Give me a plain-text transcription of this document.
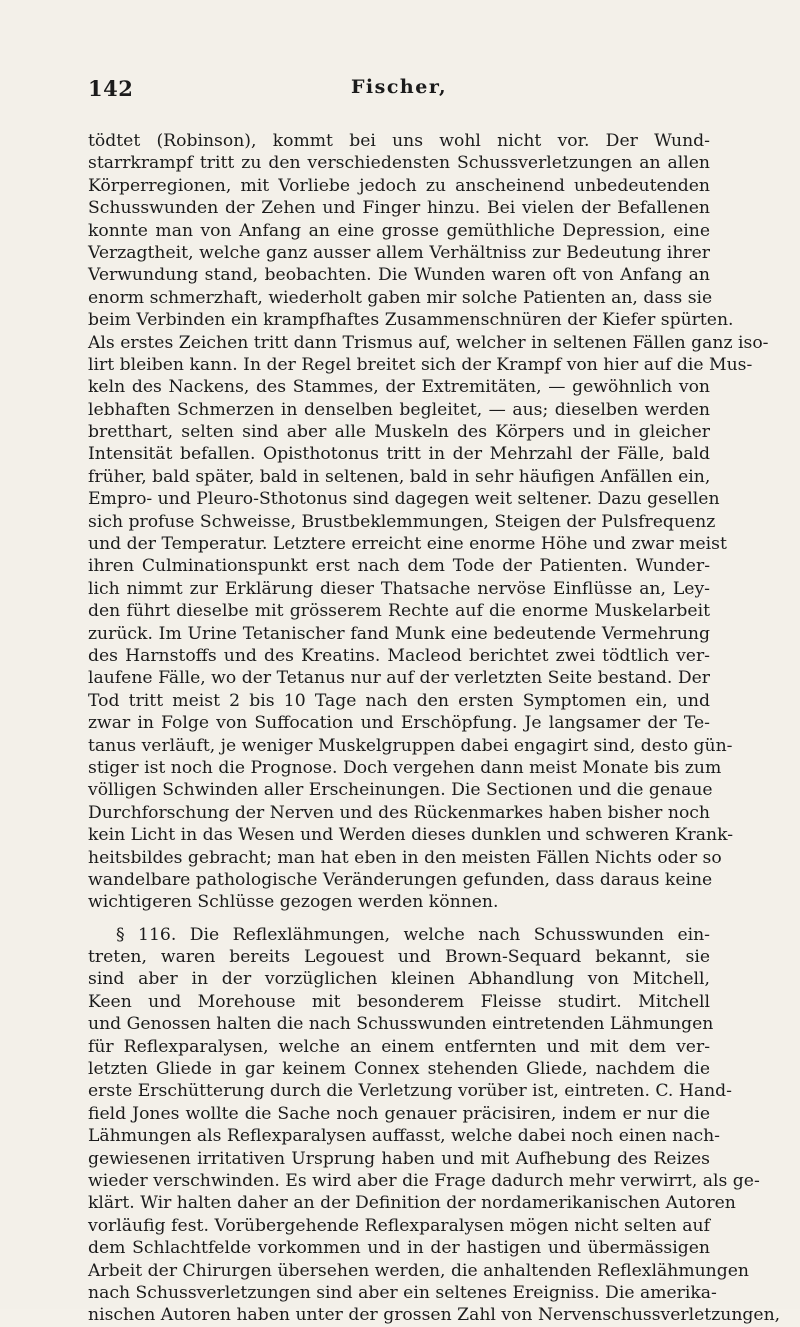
142	Fischer,
tödtet (Robinson), kommt bei uns wohl nicht vor. Der Wund-
starrkrampf tritt zu den verschiedensten Schussverletzungen an allen
Körperregionen, mit Vorliebe jedoch zu anscheinend unbedeutenden
Schusswunden der Zehen und Finger hinzu. Bei vielen der Befallenen
konnte man von Anfang an eine grosse gemüthliche Depression, eine
Verzagtheit, welche ganz ausser allem Verhältniss zur Bedeutung ihrer
Verwundung stand, beobachten. Die Wunden waren oft von Anfang an
enorm schmerzhaft, wiederholt gaben mir solche Patienten an, dass sie
beim Verbinden ein krampfhaftes Zusammenschnüren der Kiefer spürten.
Als erstes Zeichen tritt dann Trismus auf, welcher in seltenen Fällen ganz iso-
lirt bleiben kann. In der Regel breitet sich der Krampf von hier auf die Mus-
keln des Nackens, des Stammes, der Extremitäten, — gewöhnlich von
lebhaften Schmerzen in denselben begleitet, — aus; dieselben werden
bretthart, selten sind aber alle Muskeln des Körpers und in gleicher
Intensität befallen. Opisthotonus tritt in der Mehrzahl der Fälle, bald
früher, bald später, bald in seltenen, bald in sehr häufigen Anfällen ein,
Empro- und Pleuro-Sthotonus sind dagegen weit seltener. Dazu gesellen
sich profuse Schweisse, Brustbeklemmungen, Steigen der Pulsfrequenz
und der Temperatur. Letztere erreicht eine enorme Höhe und zwar meist
ihren Culminationspunkt erst nach dem Tode der Patienten. Wunder-
lich nimmt zur Erklärung dieser Thatsache nervöse Einflüsse an, Ley-
den führt dieselbe mit grösserem Rechte auf die enorme Muskelarbeit
zurück. Im Urine Tetanischer fand Munk eine bedeutende Vermehrung
des Harnstoffs und des Kreatins. Macleod berichtet zwei tödtlich ver-
laufene Fälle, wo der Tetanus nur auf der verletzten Seite bestand. Der
Tod tritt meist 2 bis 10 Tage nach den ersten Symptomen ein, und
zwar in Folge von Suffocation und Erschöpfung. Je langsamer der Te-
tanus verläuft, je weniger Muskelgruppen dabei engagirt sind, desto gün-
stiger ist noch die Prognose. Doch vergehen dann meist Monate bis zum
völligen Schwinden aller Erscheinungen. Die Sectionen und die genaue
Durchforschung der Nerven und des Rückenmarkes haben bisher noch
kein Licht in das Wesen und Werden dieses dunklen und schweren Krank-
heitsbildes gebracht; man hat eben in den meisten Fällen Nichts oder so
wandelbare pathologische Veränderungen gefunden, dass daraus keine
wichtigeren Schlüsse gezogen werden können.
§ 116. Die Reflexlähmungen, welche nach Schusswunden ein-
treten, waren bereits Legouest und Brown-Sequard bekannt, sie
sind aber in der vorzüglichen kleinen Abhandlung von Mitchell,
Keen und Morehouse mit besonderem Fleisse studirt. Mitchell
und Genossen halten die nach Schusswunden eintretenden Lähmungen
für Reflexparalysen, welche an einem entfernten und mit dem ver-
letzten Gliede in gar keinem Connex stehenden Gliede, nachdem die
erste Erschütterung durch die Verletzung vorüber ist, eintreten. C. Hand-
field Jones wollte die Sache noch genauer präcisiren, indem er nur die
Lähmungen als Reflexparalysen auffasst, welche dabei noch einen nach-
gewiesenen irritativen Ursprung haben und mit Aufhebung des Reizes
wieder verschwinden. Es wird aber die Frage dadurch mehr verwirrt, als ge-
klärt. Wir halten daher an der Definition der nordamerikanischen Autoren
vorläufig fest. Vorübergehende Reflexparalysen mögen nicht selten auf
dem Schlachtfelde vorkommen und in der hastigen und übermässigen
Arbeit der Chirurgen übersehen werden, die anhaltenden Reflexlähmungen
nach Schussverletzungen sind aber ein seltenes Ereigniss. Die amerika-
nischen Autoren haben unter der grossen Zahl von Nervenschussverletzungen,
